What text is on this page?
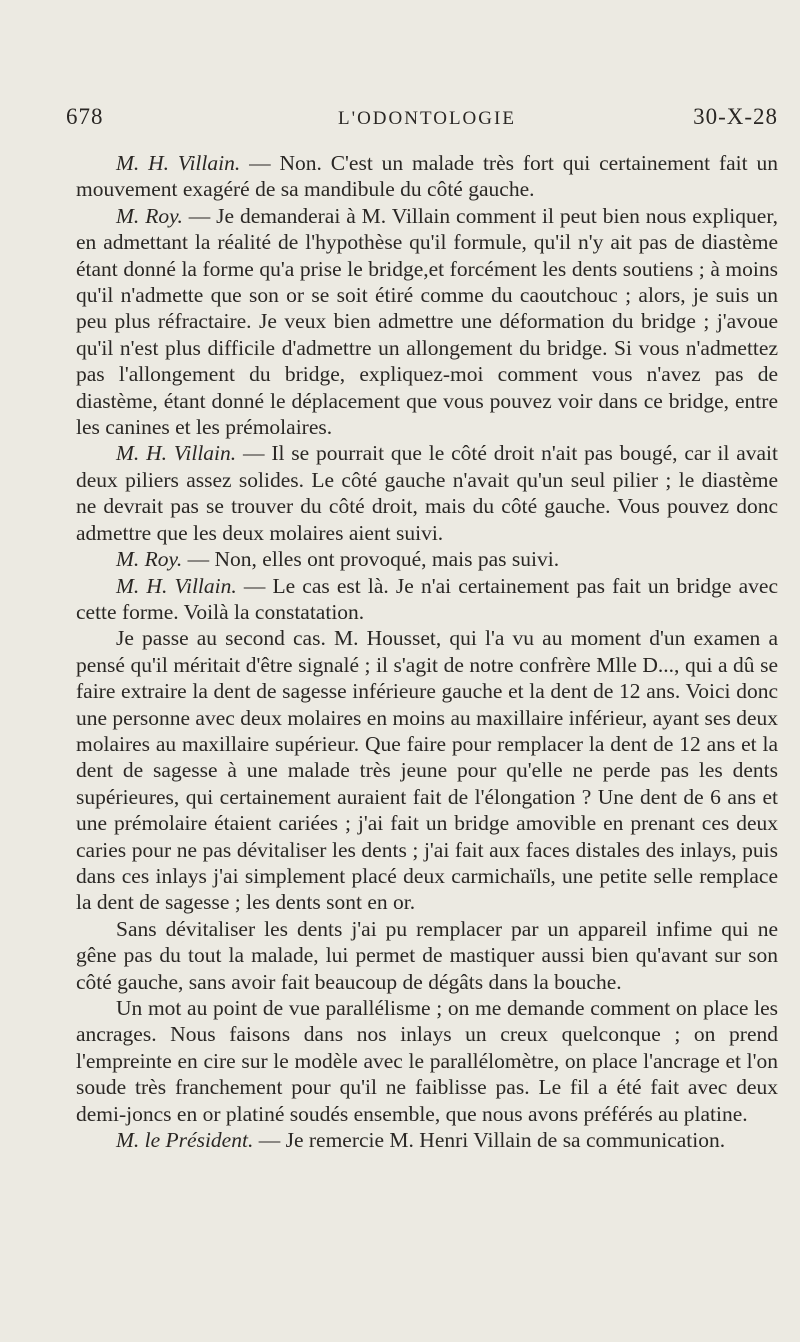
678	L'ODONTOLOGIE	30-X-28

M. H. Villain. — Non. C'est un malade très fort qui certainement fait un mouvement exagéré de sa mandibule du côté gauche.

M. Roy. — Je demanderai à M. Villain comment il peut bien nous expliquer, en admettant la réalité de l'hypothèse qu'il formule, qu'il n'y ait pas de diastème étant donné la forme qu'a prise le bridge,et forcément les dents soutiens ; à moins qu'il n'admette que son or se soit étiré comme du caoutchouc ; alors, je suis un peu plus réfractaire. Je veux bien admettre une déformation du bridge ; j'avoue qu'il n'est plus difficile d'admettre un allongement du bridge. Si vous n'admettez pas l'allongement du bridge, expliquez-moi comment vous n'avez pas de diastème, étant donné le déplacement que vous pouvez voir dans ce bridge, entre les canines et les prémolaires.

M. H. Villain. — Il se pourrait que le côté droit n'ait pas bougé, car il avait deux piliers assez solides. Le côté gauche n'avait qu'un seul pilier ; le diastème ne devrait pas se trouver du côté droit, mais du côté gauche. Vous pouvez donc admettre que les deux molaires aient suivi.

M. Roy. — Non, elles ont provoqué, mais pas suivi.

M. H. Villain. — Le cas est là. Je n'ai certainement pas fait un bridge avec cette forme. Voilà la constatation.

Je passe au second cas. M. Housset, qui l'a vu au moment d'un examen a pensé qu'il méritait d'être signalé ; il s'agit de notre confrère Mlle D..., qui a dû se faire extraire la dent de sagesse inférieure gauche et la dent de 12 ans. Voici donc une personne avec deux molaires en moins au maxillaire inférieur, ayant ses deux molaires au maxillaire supérieur. Que faire pour remplacer la dent de 12 ans et la dent de sagesse à une malade très jeune pour qu'elle ne perde pas les dents supérieures, qui certainement auraient fait de l'élongation ? Une dent de 6 ans et une prémolaire étaient cariées ; j'ai fait un bridge amovible en prenant ces deux caries pour ne pas dévitaliser les dents ; j'ai fait aux faces distales des inlays, puis dans ces inlays j'ai simplement placé deux carmichaïls, une petite selle remplace la dent de sagesse ; les dents sont en or.

Sans dévitaliser les dents j'ai pu remplacer par un appareil infime qui ne gêne pas du tout la malade, lui permet de mastiquer aussi bien qu'avant sur son côté gauche, sans avoir fait beaucoup de dégâts dans la bouche.

Un mot au point de vue parallélisme ; on me demande comment on place les ancrages. Nous faisons dans nos inlays un creux quelconque ; on prend l'empreinte en cire sur le modèle avec le parallélomètre, on place l'ancrage et l'on soude très franchement pour qu'il ne faiblisse pas. Le fil a été fait avec deux demi-joncs en or platiné soudés ensemble, que nous avons préférés au platine.

M. le Président. — Je remercie M. Henri Villain de sa communication.
